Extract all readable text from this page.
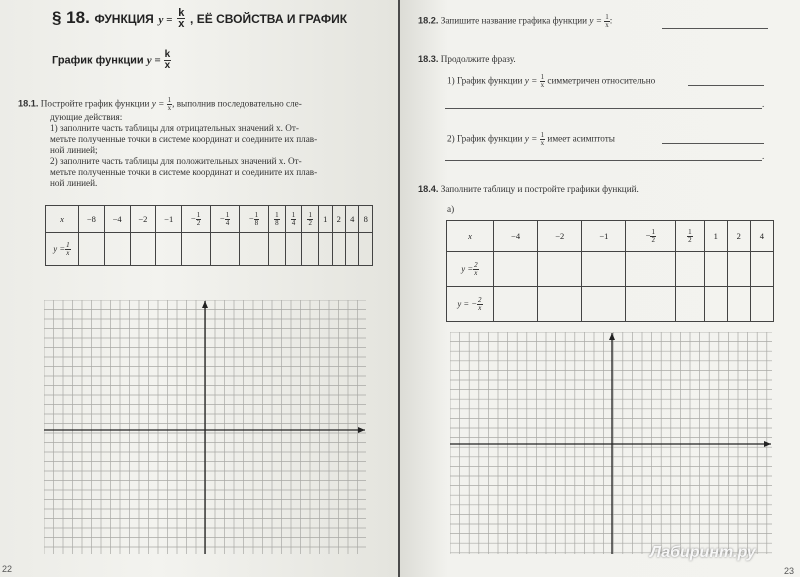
§ 18. ФУНКЦИЯ $y = \frac{k}{x}$ , ЕЁ СВОЙСТВА И ГРАФИК
График функции $y = \frac{k}{x}$
18.1. Постройте график функции $y = \frac{1}{x}$ , выполнив последовательно сле-
дующие действия:
1) заполните часть таблицы для отрицательных значений x. От-
метьте полученные точки в системе координат и соедините их плав-
ной линией;
2) заполните часть таблицы для положительных значений x. От-
метьте полученные точки в системе координат и соедините их плав-
ной линией.
x	−8	−4	−2	−1	− $\frac{1}{2}$	− $\frac{1}{4}$	− $\frac{1}{8}$	$\frac{1}{8}$	$\frac{1}{4}$	$\frac{1}{2}$	1	2	4	8
$y = \frac{1}{x}$

22
18.2. Запишите название графика функции $y = \frac{1}{x}$ :
18.3. Продолжите фразу.
1) График функции $y = \frac{1}{x}$ симметричен относительно
.
2) График функции $y = \frac{1}{x}$ имеет асимптоты
.
18.4. Заполните таблицу и постройте графики функций.
а)
x	−4	−2	−1	− $\frac{1}{2}$	$\frac{1}{2}$	1	2	4
$y = \frac{2}{x}$

y = − $\frac{2}{x}$

Лабиринт.ру
23
